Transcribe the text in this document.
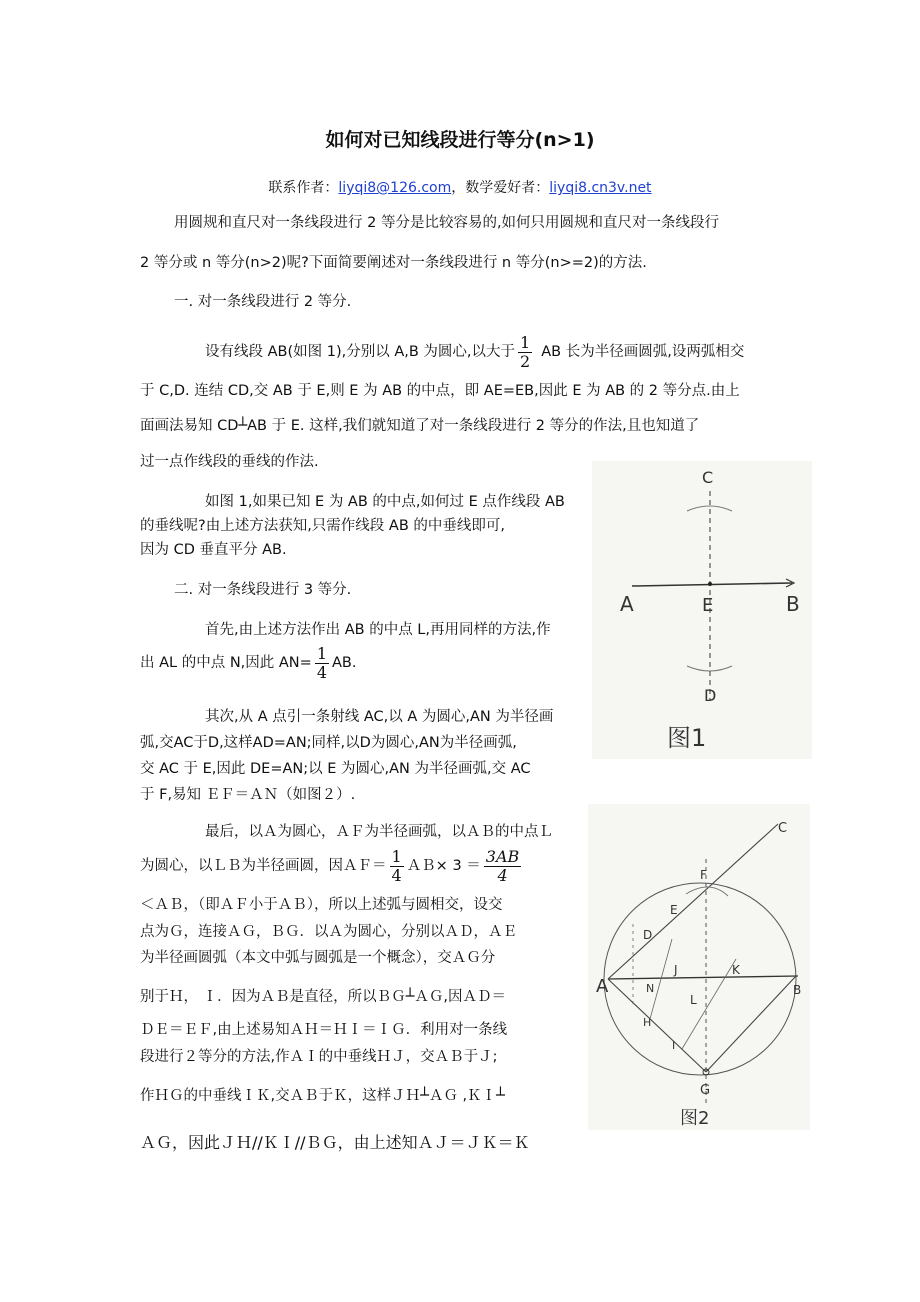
如何对已知线段进行等分(n>1)
联系作者：liyqi8@126.com，数学爱好者：liyqi8.cn3v.net
用圆规和直尺对一条线段进行 2 等分是比较容易的,如何只用圆规和直尺对一条线段行
2 等分或 n 等分(n>2)呢?下面简要阐述对一条线段进行 n 等分(n>=2)的方法.
一. 对一条线段进行 2 等分.
设有线段 AB(如图 1),分别以 A,B 为圆心,以大于 $\frac{1}{2}$ AB 长为半径画圆弧,设两弧相交
于 C,D. 连结 CD,交 AB 于 E,则 E 为 AB 的中点，即 AE=EB,因此 E 为 AB 的 2 等分点.由上
面画法易知 CD┴AB 于 E. 这样,我们就知道了对一条线段进行 2 等分的作法,且也知道了
过一点作线段的垂线的作法.
如图 1,如果已知 E 为 AB 的中点,如何过 E 点作线段 AB
的垂线呢?由上述方法获知,只需作线段 AB 的中垂线即可,
因为 CD 垂直平分 AB.
二. 对一条线段进行 3 等分.
首先,由上述方法作出 AB 的中点 L,再用同样的方法,作
出 AL 的中点 N,因此 $AN= \frac{1}{4}$ AB.
其次,从 A 点引一条射线 AC,以 A 为圆心,AN 为半径画
弧,交AC于D,这样AD=AN;同样,以D为圆心,AN为半径画弧,
交 AC 于 E,因此 DE=AN;以 E 为圆心,AN 为半径画弧,交 AC
于 F,易知 ＥＦ＝ＡＮ（如图２）.
最后，以Ａ为圆心，ＡＦ为半径画弧，以ＡＢ的中点Ｌ
为圆心，以ＬＢ为半径画圆，因ＡＦ＝ $\frac{1}{4}$ ＡＢ× $3 = \frac{3AB}{4}$
＜ＡＢ，（即ＡＦ小于ＡＢ），所以上述弧与圆相交，设交
点为Ｇ，连接ＡＧ，ＢＧ．以Ａ为圆心，分别以ＡＤ，ＡＥ
为半径画圆弧（本文中弧与圆弧是一个概念），交ＡＧ分
别于Ｈ， Ｉ．因为ＡＢ是直径，所以ＢＧ┴ＡＧ,因ＡＤ＝
ＤＥ＝ＥＦ,由上述易知ＡＨ＝ＨＩ＝ＩＧ．利用对一条线
段进行２等分的方法,作ＡＩ的中垂线ＨＪ，交ＡＢ于Ｊ;
作ＨＧ的中垂线ＩＫ,交ＡＢ于Ｋ，这样ＪＨ┴ＡＧ ,ＫＩ┴
ＡＧ，因此ＪＨ//ＫＩ//ＢＧ，由上述知ＡＪ＝ＪＫ＝Ｋ
A	E	B
C
D
图1
C
F
E
D
A
J	K
B
N
L
H
I
G
图2
